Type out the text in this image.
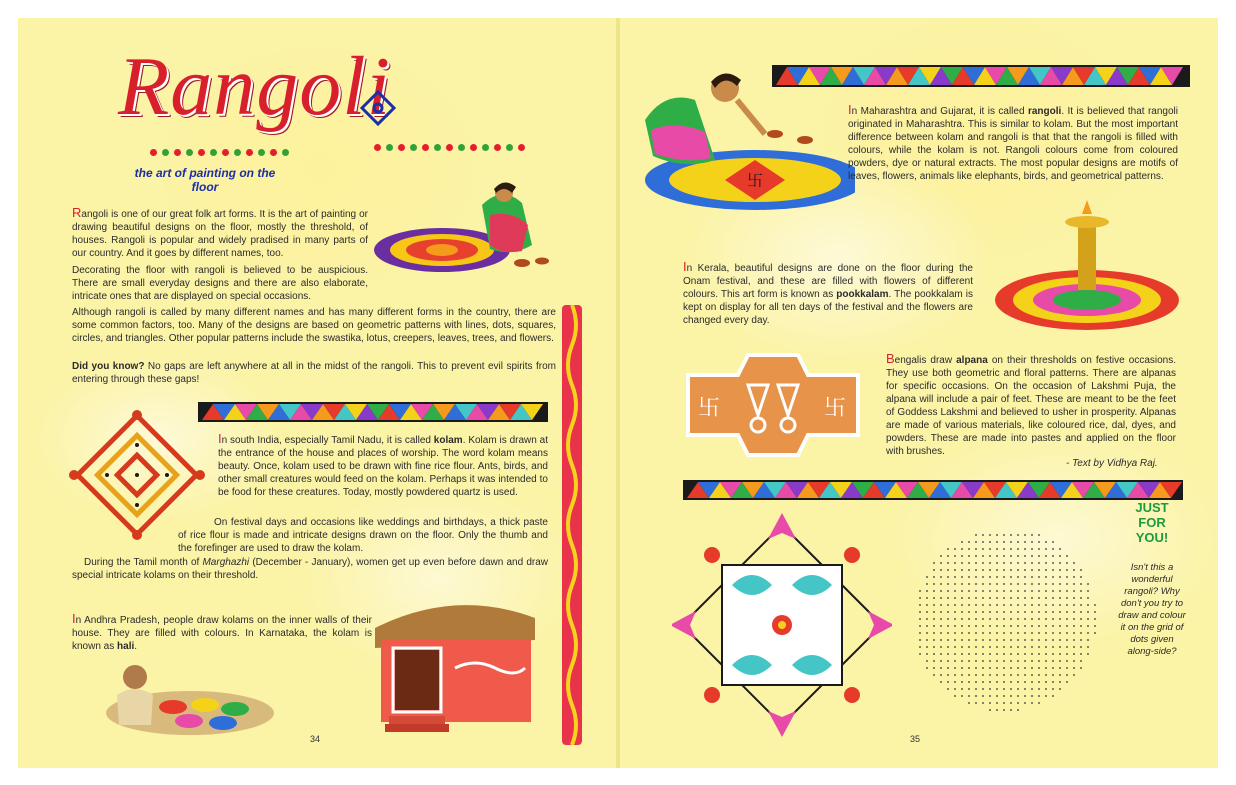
Rangoli
the art of painting on the floor
Rangoli is one of our great folk art forms. It is the art of painting or drawing beautiful designs on the floor, mostly the threshold, of houses. Rangoli is popular and widely pradised in many parts of our country. And it goes by different names, too.
Decorating the floor with rangoli is believed to be auspicious. There are small everyday designs and there are also elaborate, intricate ones that are displayed on special occasions.
Although rangoli is called by many different names and has many different forms in the country, there are some common factors, too. Many of the designs are based on geometric patterns with lines, dots, squares, circles, and triangles. Other popular patterns include the swastika, lotus, creepers, leaves, trees, and flowers.
Did you know? No gaps are left anywhere at all in the midst of the rangoli. This to prevent evil spirits from entering through these gaps!
In south India, especially Tamil Nadu, it is called kolam. Kolam is drawn at the entrance of the house and places of worship. The word kolam means beauty. Once, kolam used to be drawn with fine rice flour. Ants, birds, and other small creatures would feed on the kolam. Perhaps it was intended to be food for these creatures. Today, mostly powdered quartz is used.
On festival days and occasions like weddings and birthdays, a thick paste of rice flour is made and intricate designs drawn on the floor. Only the thumb and the forefinger are used to draw the kolam.
During the Tamil month of Marghazhi (December - January), women get up even before dawn and draw special intricate kolams on their threshold.
In Andhra Pradesh, people draw kolams on the inner walls of their house. They are filled with colours. In Karnataka, the kolam is known as hali.
34
卐
In Maharashtra and Gujarat, it is called rangoli. It is believed that rangoli originated in Maharashtra. This is similar to kolam. But the most important difference between kolam and rangoli is that that the rangoli is filled with colours, while the kolam is not. Rangoli colours come from coloured powders, dye or natural extracts. The most popular designs are motifs of leaves, flowers, animals like elephants, birds, and geometrical patterns.
In Kerala, beautiful designs are done on the floor during the Onam festival, and these are filled with flowers of different colours. This art form is known as pookkalam. The pookkalam is kept on display for all ten days of the festival and the flowers are changed every day.
卐	卐
Bengalis draw alpana on their thresholds on festive occasions. They use both geometric and floral patterns. There are alpanas for specific occasions. On the occasion of Lakshmi Puja, the alpana will include a pair of feet. These are meant to be the feet of Goddess Lakshmi and believed to usher in prosperity. Alpanas are made of various materials, like coloured rice, dal, dyes, and powders. These are made into pastes and applied on the floor with brushes.
- Text by Vidhya Raj.
JUST
FOR
YOU!
Isn't this a wonderful rangoli? Why don't you try to draw and colour it on the grid of dots given along-side?
35
